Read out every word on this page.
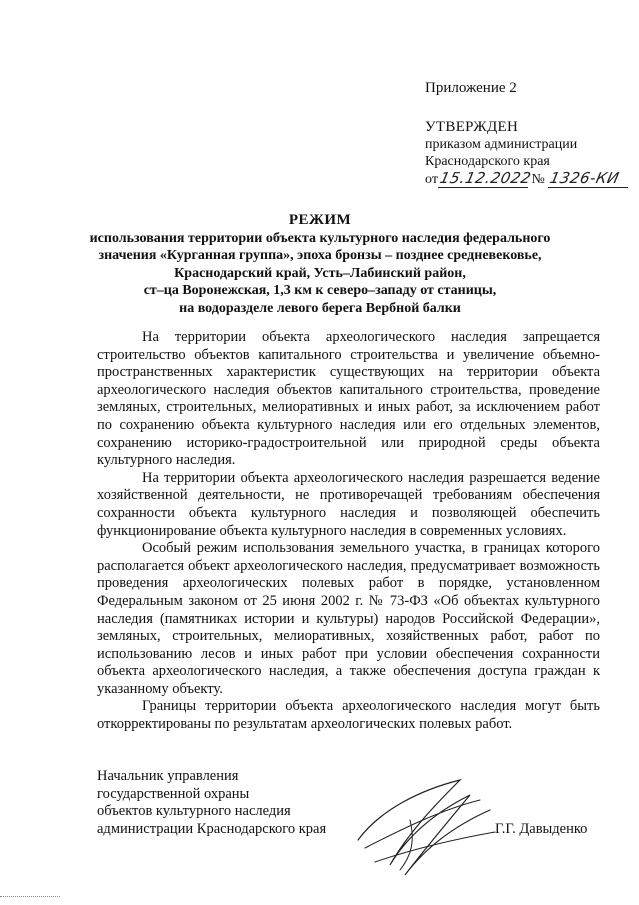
Приложение 2
УТВЕРЖДЕН
приказом администрации
Краснодарского края
от15.12.2022 № 1326-КИ
РЕЖИМ
использования территории объекта культурного наследия федерального
значения «Курганная группа», эпоха бронзы – позднее средневековье,
Краснодарский край, Усть–Лабинский район,
ст–ца Воронежская, 1,3 км к северо–западу от станицы,
на водоразделе левого берега Вербной балки

На территории объекта археологического наследия запрещается строительство объектов капитального строительства и увеличение объемно-пространственных характеристик существующих на территории объекта археологического наследия объектов капитального строительства, проведение земляных, строительных, мелиоративных и иных работ, за исключением работ по сохранению объекта культурного наследия или его отдельных элементов, сохранению историко-градостроительной или природной среды объекта культурного наследия.

На территории объекта археологического наследия разрешается ведение хозяйственной деятельности, не противоречащей требованиям обеспечения сохранности объекта культурного наследия и позволяющей обеспечить функционирование объекта культурного наследия в современных условиях.

Особый режим использования земельного участка, в границах которого располагается объект археологического наследия, предусматривает возможность проведения археологических полевых работ в порядке, установленном Федеральным законом от 25 июня 2002 г. № 73-ФЗ «Об объектах культурного наследия (памятниках истории и культуры) народов Российской Федерации», земляных, строительных, мелиоративных, хозяйственных работ, работ по использованию лесов и иных работ при условии обеспечения сохранности объекта археологического наследия, а также обеспечения доступа граждан к указанному объекту.

Границы территории объекта археологического наследия могут быть откорректированы по результатам археологических полевых работ.

Начальник управления
государственной охраны
объектов культурного наследия
администрации Краснодарского края	Г.Г. Давыденко
